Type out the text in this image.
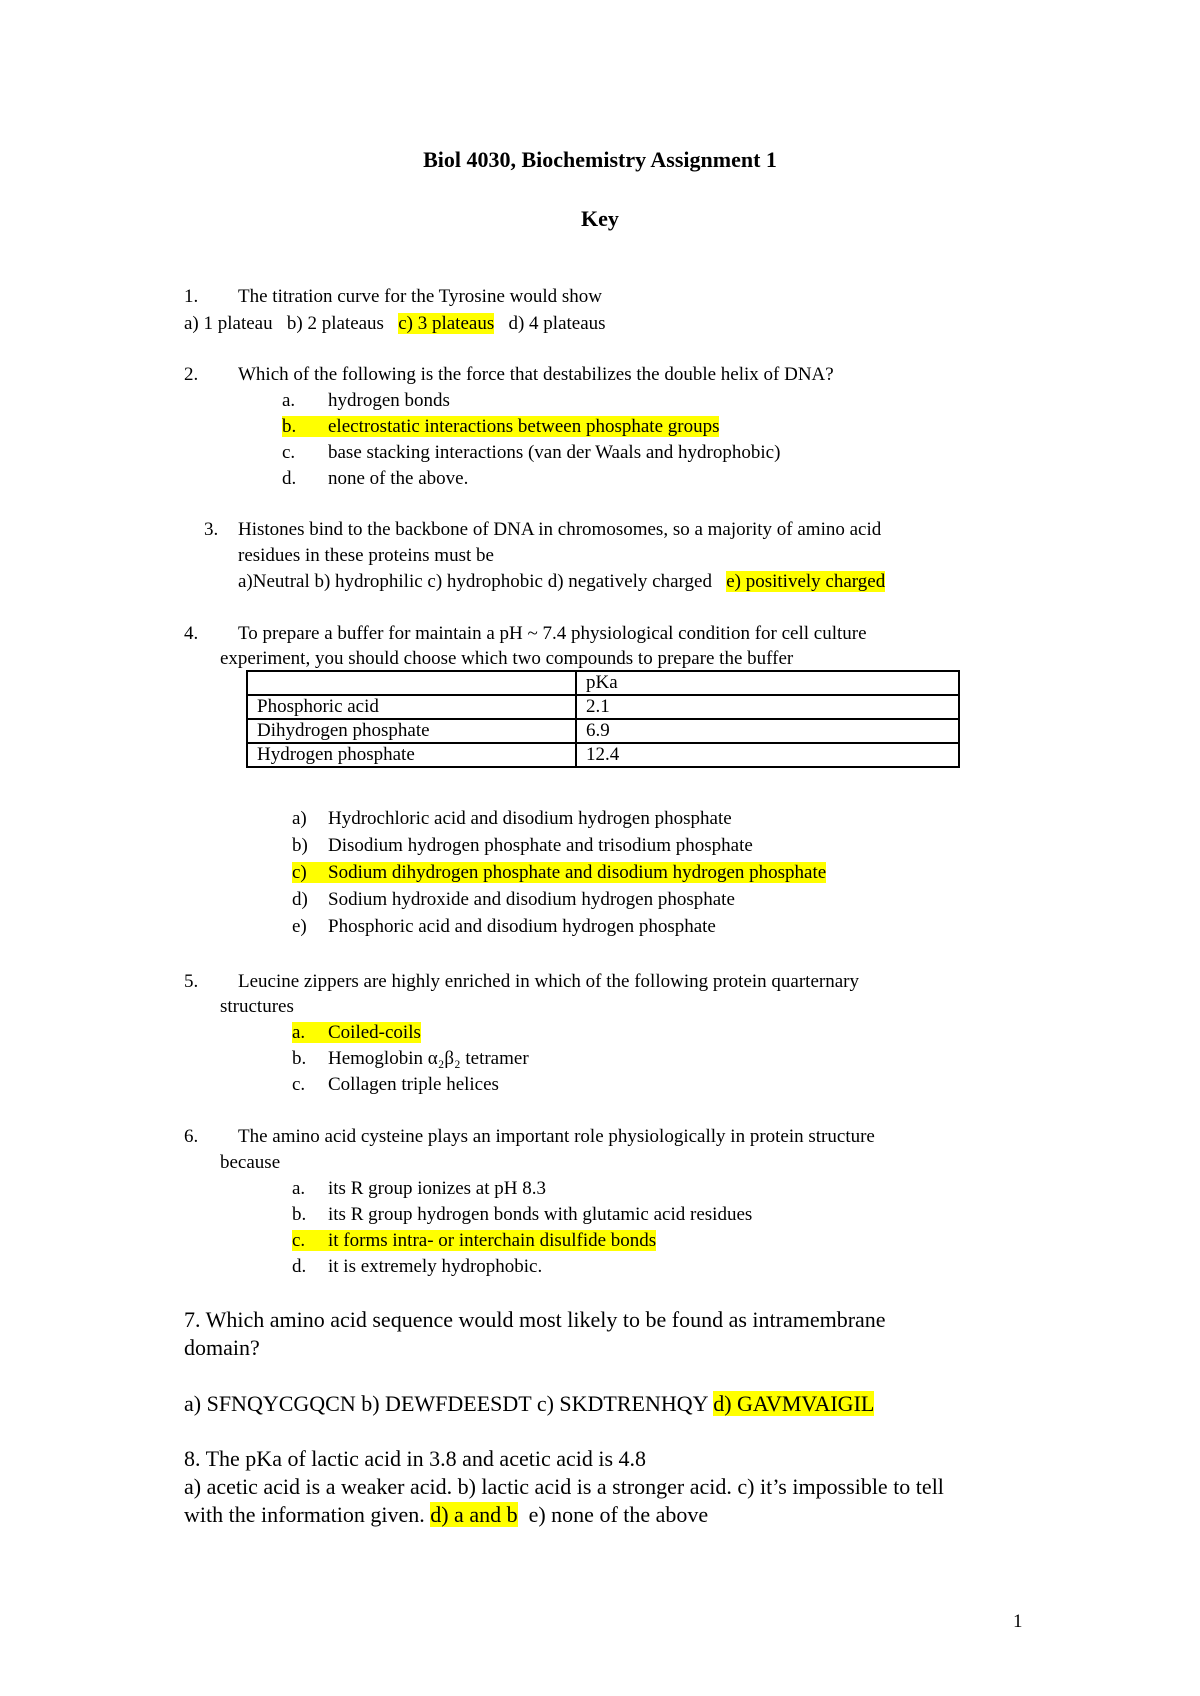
Biol 4030, Biochemistry Assignment 1
Key
1. The titration curve for the Tyrosine would show
a) 1 plateau b) 2 plateaus c) 3 plateaus d) 4 plateaus
2. Which of the following is the force that destabilizes the double helix of DNA?
a. hydrogen bonds
b. electrostatic interactions between phosphate groups
c. base stacking interactions (van der Waals and hydrophobic)
d. none of the above.
3. Histones bind to the backbone of DNA in chromosomes, so a majority of amino acid
residues in these proteins must be
a)Neutral b) hydrophilic c) hydrophobic d) negatively charged e) positively charged
4. To prepare a buffer for maintain a pH ~ 7.4 physiological condition for cell culture
experiment, you should choose which two compounds to prepare the buffer
	pKa
Phosphoric acid	2.1
Dihydrogen phosphate	6.9
Hydrogen phosphate	12.4
a) Hydrochloric acid and disodium hydrogen phosphate
b) Disodium hydrogen phosphate and trisodium phosphate
c) Sodium dihydrogen phosphate and disodium hydrogen phosphate
d) Sodium hydroxide and disodium hydrogen phosphate
e) Phosphoric acid and disodium hydrogen phosphate
5. Leucine zippers are highly enriched in which of the following protein quarternary
structures
a. Coiled-coils
b. Hemoglobin α₂β₂ tetramer
c. Collagen triple helices
6. The amino acid cysteine plays an important role physiologically in protein structure
because
a. its R group ionizes at pH 8.3
b. its R group hydrogen bonds with glutamic acid residues
c. it forms intra- or interchain disulfide bonds
d. it is extremely hydrophobic.
7. Which amino acid sequence would most likely to be found as intramembrane
domain?
a) SFNQYCGQCN b) DEWFDEESDT c) SKDTRENHQY d) GAVMVAIGIL
8. The pKa of lactic acid in 3.8 and acetic acid is 4.8
a) acetic acid is a weaker acid. b) lactic acid is a stronger acid. c) it’s impossible to tell
with the information given. d) a and b e) none of the above
1
